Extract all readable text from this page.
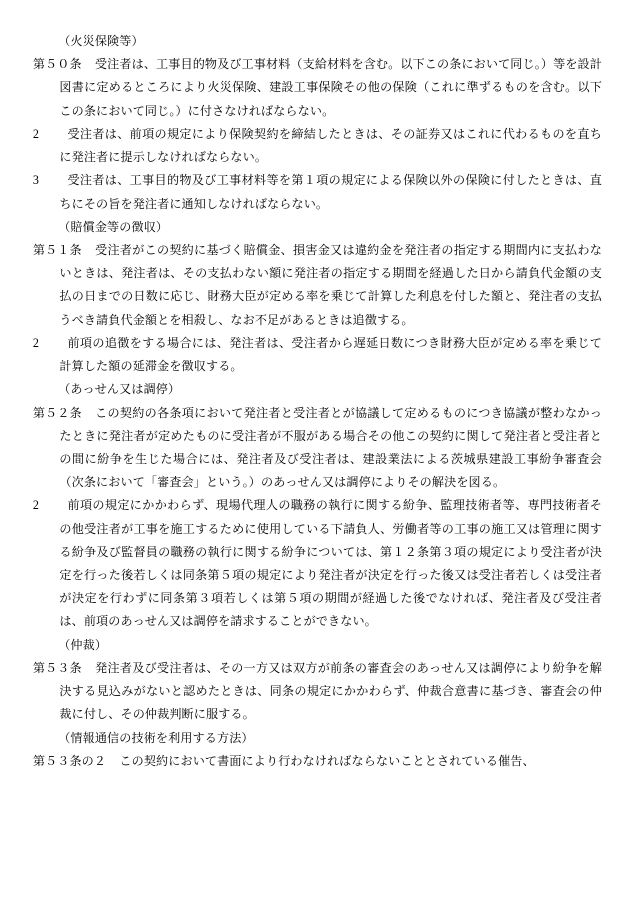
（火災保険等）

第５０条 受注者は、工事目的物及び工事材料（支給材料を含む。以下この条において同じ。）等を設計図書に定めるところにより火災保険、建設工事保険その他の保険（これに準ずるものを含む。以下この条において同じ。）に付さなければならない。

2 受注者は、前項の規定により保険契約を締結したときは、その証券又はこれに代わるものを直ちに発注者に提示しなければならない。

3 受注者は、工事目的物及び工事材料等を第１項の規定による保険以外の保険に付したときは、直ちにその旨を発注者に通知しなければならない。

（賠償金等の徴収）

第５１条 受注者がこの契約に基づく賠償金、損害金又は違約金を発注者の指定する期間内に支払わないときは、発注者は、その支払わない額に発注者の指定する期間を経過した日から請負代金額の支払の日までの日数に応じ、財務大臣が定める率を乗じて計算した利息を付した額と、発注者の支払うべき請負代金額とを相殺し、なお不足があるときは追徴する。

2 前項の追徴をする場合には、発注者は、受注者から遅延日数につき財務大臣が定める率を乗じて計算した額の延滞金を徴収する。

（あっせん又は調停）

第５２条 この契約の各条項において発注者と受注者とが協議して定めるものにつき協議が整わなかったときに発注者が定めたものに受注者が不服がある場合その他この契約に関して発注者と受注者との間に紛争を生じた場合には、発注者及び受注者は、建設業法による茨城県建設工事紛争審査会（次条において「審査会」という。）のあっせん又は調停によりその解決を図る。

2 前項の規定にかかわらず、現場代理人の職務の執行に関する紛争、監理技術者等、専門技術者その他受注者が工事を施工するために使用している下請負人、労働者等の工事の施工又は管理に関する紛争及び監督員の職務の執行に関する紛争については、第１２条第３項の規定により受注者が決定を行った後若しくは同条第５項の規定により発注者が決定を行った後又は受注者若しくは受注者が決定を行わずに同条第３項若しくは第５項の期間が経過した後でなければ、発注者及び受注者は、前項のあっせん又は調停を請求することができない。

（仲裁）

第５３条 発注者及び受注者は、その一方又は双方が前条の審査会のあっせん又は調停により紛争を解決する見込みがないと認めたときは、同条の規定にかかわらず、仲裁合意書に基づき、審査会の仲裁に付し、その仲裁判断に服する。

（情報通信の技術を利用する方法）

第５３条の２ この契約において書面により行わなければならないこととされている催告、
